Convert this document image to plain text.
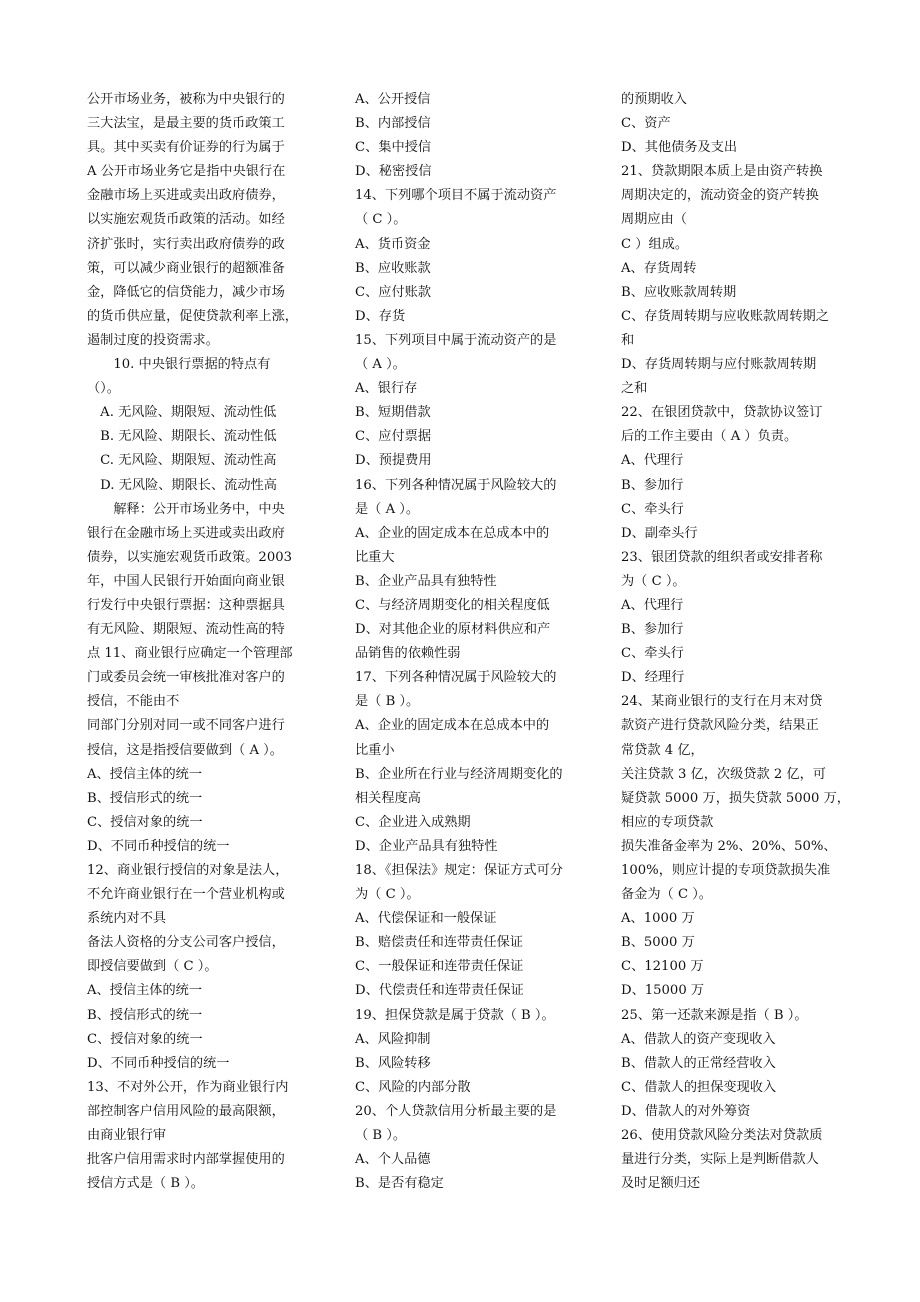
公开市场业务，被称为中央银行的
三大法宝，是最主要的货币政策工
具。其中买卖有价证券的行为属于
A 公开市场业务它是指中央银行在
金融市场上买进或卖出政府债券，
以实施宏观货币政策的活动。如经
济扩张时，实行卖出政府债券的政
策，可以减少商业银行的超额准备
金，降低它的信贷能力，减少市场
的货币供应量，促使贷款利率上涨，
遏制过度的投资需求。
　　10. 中央银行票据的特点有
（）。
　A. 无风险、期限短、流动性低
　B. 无风险、期限长、流动性低
　C. 无风险、期限短、流动性高
　D. 无风险、期限长、流动性高
　　解释：公开市场业务中，中央
银行在金融市场上买进或卖出政府
债券，以实施宏观货币政策。2003
年，中国人民银行开始面向商业银
行发行中央银行票据：这种票据具
有无风险、期限短、流动性高的特
点 11、商业银行应确定一个管理部
门或委员会统一审核批准对客户的
授信，不能由不
同部门分别对同一或不同客户进行
授信，这是指授信要做到（ A ）。
A、授信主体的统一
B、授信形式的统一
C、授信对象的统一
D、不同币种授信的统一
12、商业银行授信的对象是法人，
不允许商业银行在一个营业机构或
系统内对不具
备法人资格的分支公司客户授信，
即授信要做到（ C ）。
A、授信主体的统一
B、授信形式的统一
C、授信对象的统一
D、不同币种授信的统一
13、不对外公开，作为商业银行内
部控制客户信用风险的最高限额，
由商业银行审
批客户信用需求时内部掌握使用的
授信方式是（ B ）。
A、公开授信
B、内部授信
C、集中授信
D、秘密授信
14、下列哪个项目不属于流动资产
（ C ）。
A、货币资金
B、应收账款
C、应付账款
D、存货
15、下列项目中属于流动资产的是
（ A ）。
A、银行存
B、短期借款
C、应付票据
D、预提费用
16、下列各种情况属于风险较大的
是（ A ）。
A、企业的固定成本在总成本中的
比重大
B、企业产品具有独特性
C、与经济周期变化的相关程度低
D、对其他企业的原材料供应和产
品销售的依赖性弱
17、下列各种情况属于风险较大的
是（ B ）。
A、企业的固定成本在总成本中的
比重小
B、企业所在行业与经济周期变化的
相关程度高
C、企业进入成熟期
D、企业产品具有独特性
18、《担保法》规定：保证方式可分
为（ C ）。
A、代偿保证和一般保证
B、赔偿责任和连带责任保证
C、一般保证和连带责任保证
D、代偿责任和连带责任保证
19、担保贷款是属于贷款（ B ）。
A、风险抑制
B、风险转移
C、风险的内部分散
20、个人贷款信用分析最主要的是
（ B ）。
A、个人品德
B、是否有稳定
的预期收入
C、资产
D、其他债务及支出
21、贷款期限本质上是由资产转换
周期决定的，流动资金的资产转换
周期应由（
C ）组成。
A、存货周转
B、应收账款周转期
C、存货周转期与应收账款周转期之
和
D、存货周转期与应付账款周转期
之和
22、在银团贷款中，贷款协议签订
后的工作主要由（ A ）负责。
A、代理行
B、参加行
C、牵头行
D、副牵头行
23、银团贷款的组织者或安排者称
为（ C ）。
A、代理行
B、参加行
C、牵头行
D、经理行
24、某商业银行的支行在月末对贷
款资产进行贷款风险分类，结果正
常贷款 4 亿，
关注贷款 3 亿，次级贷款 2 亿，可
疑贷款 5000 万，损失贷款 5000 万，
相应的专项贷款
损失准备金率为 2%、20%、50%、
100%，则应计提的专项贷款损失准
备金为（ C ）。
A、1000 万
B、5000 万
C、12100 万
D、15000 万
25、第一还款来源是指（ B ）。
A、借款人的资产变现收入
B、借款人的正常经营收入
C、借款人的担保变现收入
D、借款人的对外筹资
26、使用贷款风险分类法对贷款质
量进行分类，实际上是判断借款人
及时足额归还
